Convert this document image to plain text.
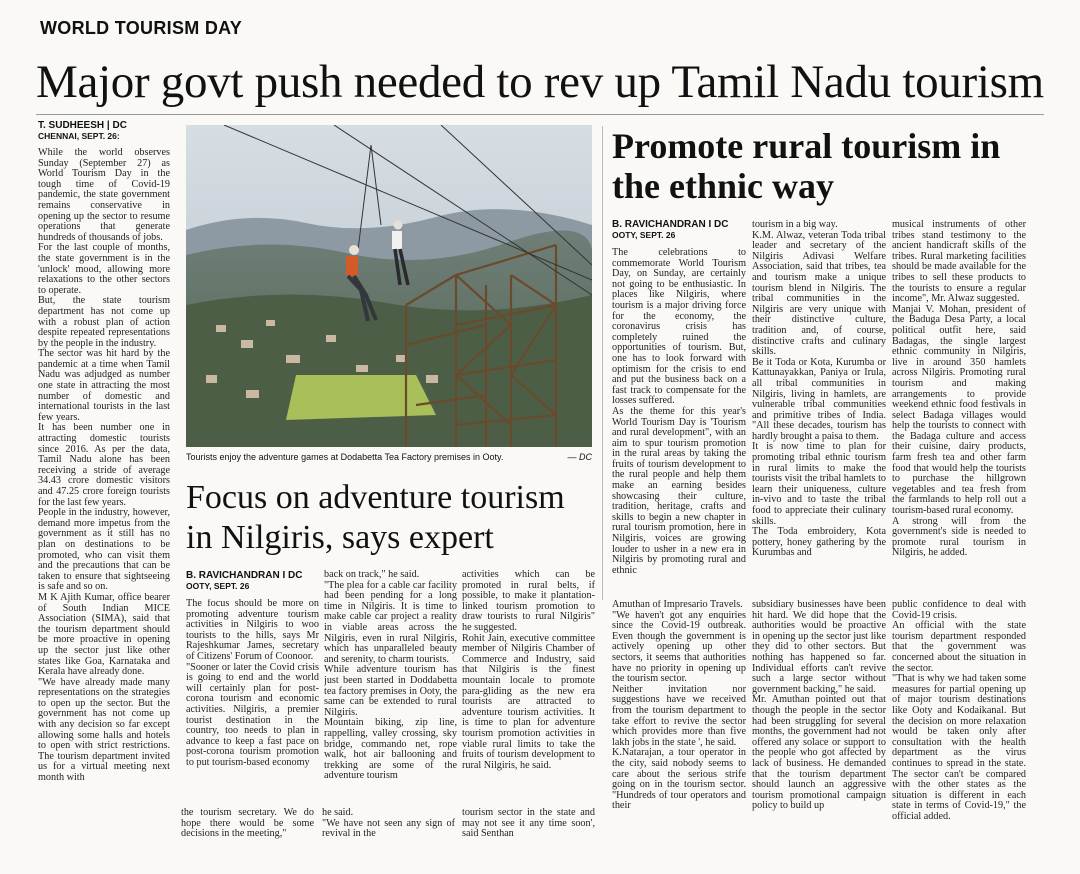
WORLD TOURISM DAY
Major govt push needed to rev up Tamil Nadu tourism
T. SUDHEESH | DC
CHENNAI, SEPT. 26:
While the world observes Sunday (September 27) as World Tourism Day in the tough time of Covid-19 pandemic, the state government remains conservative in opening up the sector to resume operations that generate hundreds of thousands of jobs.
For the last couple of months, the state government is in the 'unlock' mood, allowing more relaxations to the other sectors to operate.
But, the state tourism department has not come up with a robust plan of action despite repeated representations by the people in the industry.
The sector was hit hard by the pandemic at a time when Tamil Nadu was adjudged as number one state in attracting the most number of domestic and international tourists in the last few years.
It has been number one in attracting domestic tourists since 2016. As per the data, Tamil Nadu alone has been receiving a stride of average 34.43 crore domestic visitors and 47.25 crore foreign tourists for the last few years.
People in the industry, however, demand more impetus from the government as it still has no plan on destinations to be promoted, who can visit them and the precautions that can be taken to ensure that sightseeing is safe and so on.
M K Ajith Kumar, office bearer of South Indian MICE Association (SIMA), said that the tourism department should be more proactive in opening up the sector just like other states like Goa, Karnataka and Kerala have already done.
"We have already made many representations on the strategies to open up the sector. But the government has not come up with any decision so far except allowing some halls and hotels to open with strict restrictions. The tourism department invited us for a virtual meeting next month with
Tourists enjoy the adventure games at Dodabetta Tea Factory premises in Ooty.	— DC
Promote rural tourism in the ethnic way
B. RAVICHANDRAN I DC
OOTY, SEPT. 26
The celebrations to commemorate World Tourism Day, on Sunday, are certainly not going to be enthusiastic. In places like Nilgiris, where tourism is a major driving force for the economy, the coronavirus crisis has completely ruined the opportunities of tourism. But, one has to look forward with optimism for the crisis to end and put the business back on a fast track to compensate for the losses suffered.
As the theme for this year's World Tourism Day is 'Tourism and rural development", with an aim to spur tourism promotion in the rural areas by taking the fruits of tourism development to the rural people and help them make an earning besides showcasing their culture, tradition, heritage, crafts and skills to begin a new chapter in rural tourism promotion, here in Nilgiris, voices are growing louder to usher in a new era in Nilgiris by promoting rural and ethnic
tourism in a big way.
K.M. Alwaz, veteran Toda tribal leader and secretary of the Nilgiris Adivasi Welfare Association, said that tribes, tea and tourism make a unique tourism blend in Nilgiris. The tribal communities in the Nilgiris are very unique with their distinctive culture, tradition and, of course, distinctive crafts and culinary skills.
Be it Toda or Kota, Kurumba or Kattunayakkan, Paniya or Irula, all tribal communities in Nilgiris, living in hamlets, are vulnerable tribal communities and primitive tribes of India. "All these decades, tourism has hardly brought a paisa to them.
It is now time to plan for promoting tribal ethnic tourism in rural limits to make the tourists visit the tribal hamlets to learn their uniqueness, culture in-vivo and to taste the tribal food to appreciate their culinary skills.
The Toda embroidery, Kota pottery, honey gathering by the Kurumbas and
musical instruments of other tribes stand testimony to the ancient handicraft skills of the tribes. Rural marketing facilities should be made available for the tribes to sell these products to the tourists to ensure a regular income", Mr. Alwaz suggested.
Manjai V. Mohan, president of the Baduga Desa Party, a local political outfit here, said Badagas, the single largest ethnic community in Nilgiris, live in around 350 hamlets across Nilgiris. Promoting rural tourism and making arrangements to provide weekend ethnic food festivals in select Badaga villages would help the tourists to connect with the Badaga culture and access their cuisine, dairy products, farm fresh tea and other farm food that would help the tourists to purchase the hillgrown vegetables and tea fresh from the farmlands to help roll out a tourism-based rural economy.
A strong will from the government's side is needed to promote rural tourism in Nilgiris, he added.
Focus on adventure tourism in Nilgiris, says expert
B. RAVICHANDRAN I DC
OOTY, SEPT. 26
The focus should be more on promoting adventure tourism activities in Nilgiris to woo tourists to the hills, says Mr Rajeshkumar James, secretary of Citizens' Forum of Coonoor.
"Sooner or later the Covid crisis is going to end and the world will certainly plan for post-corona tourism and economic activities. Nilgiris, a premier tourist destination in the country, too needs to plan in advance to keep a fast pace on post-corona tourism promotion to put tourism-based economy
back on track," he said.
"The plea for a cable car facility had been pending for a long time in Nilgiris. It is time to make cable car project a reality in viable areas across the Nilgiris, even in rural Nilgiris, which has unparalleled beauty and serenity, to charm tourists.
While adventure tourism has just been started in Doddabetta tea factory premises in Ooty, the same can be extended to rural Nilgiris.
Mountain biking, zip line, rappelling, valley crossing, sky bridge, commando net, rope walk, hot air ballooning and trekking are some of the adventure tourism
activities which can be promoted in rural belts, if possible, to make it plantation-linked tourism promotion to draw tourists to rural Nilgiris" he suggested.
Rohit Jain, executive committee member of Nilgiris Chamber of Commerce and Industry, said that Nilgiris is the finest mountain locale to promote para-gliding as the new era tourists are attracted to adventure tourism activities. It is time to plan for adventure tourism promotion activities in viable rural limits to take the fruits of tourism development to rural Nilgiris, he said.
the tourism secretary. We do hope there would be some decisions in the meeting,"
he said.
"We have not seen any sign of revival in the
tourism sector in the state and may not see it any time soon', said Senthan
Amuthan of Impresario Travels.
"We haven't got any enquiries since the Covid-19 outbreak. Even though the government is actively opening up other sectors, it seems that authorities have no priority in opening up the tourism sector.
Neither invitation nor suggestions have we received from the tourism department to take effort to revive the sector which provides more than five lakh jobs in the state ', he said.
K.Natarajan, a tour operator in the city, said nobody seems to care about the serious strife going on in the tourism sector. "Hundreds of tour operators and their
subsidiary businesses have been hit hard. We did hope that the authorities would be proactive in opening up the sector just like they did to other sectors. But nothing has happened so far. Individual efforts can't revive such a large sector without government backing," he said.
Mr. Amuthan pointed out that though the people in the sector had been struggling for several months, the government had not offered any solace or support to the people who got affected by lack of business. He demanded that the tourism department should launch an aggressive tourism promotional campaign policy to build up
public confidence to deal with Covid-19 crisis.
An official with the state tourism department responded that the government was concerned about the situation in the sector.
"That is why we had taken some measures for partial opening up of major tourism destinations like Ooty and Kodaikanal. But the decision on more relaxation would be taken only after consultation with the health department as the virus continues to spread in the state. The sector can't be compared with the other states as the situation is different in each state in terms of Covid-19," the official added.
